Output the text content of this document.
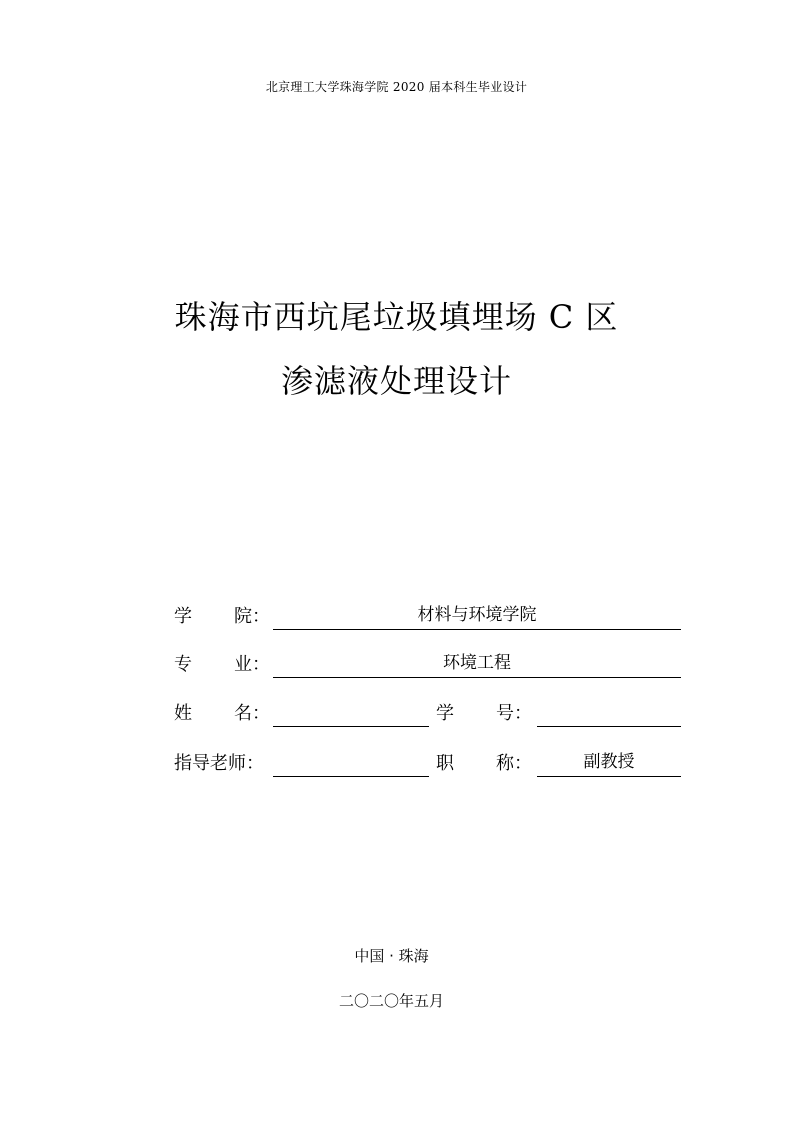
北京理工大学珠海学院 2020 届本科生毕业设计
珠海市西坑尾垃圾填埋场 C 区
渗滤液处理设计
学 院：	材料与环境学院
专 业：	环境工程
姓 名：	学 号：
指导老师：	职 称：	副教授
中国 · 珠海
二〇二〇年五月
